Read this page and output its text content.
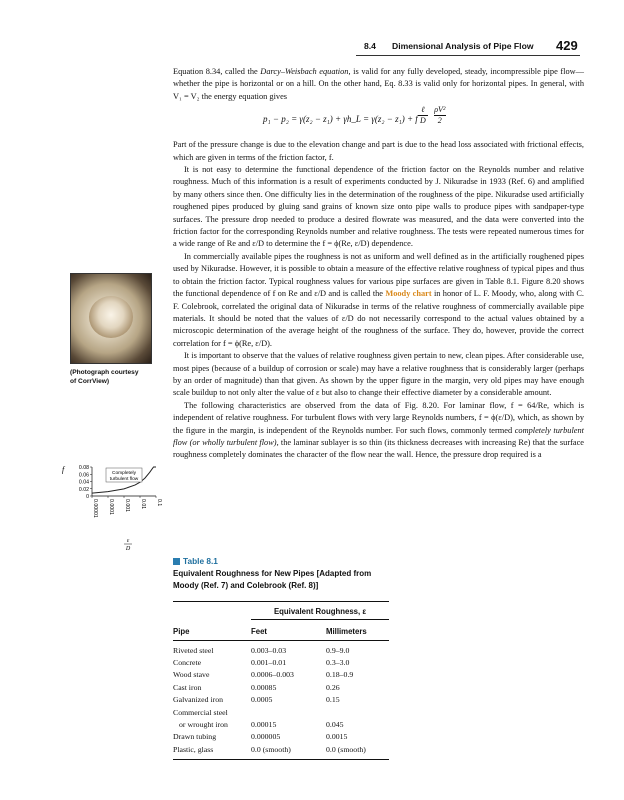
8.4 Dimensional Analysis of Pipe Flow 429

Equation 8.34, called the Darcy–Weisbach equation, is valid for any fully developed, steady, incompressible pipe flow—whether the pipe is horizontal or on a hill. On the other hand, Eq. 8.33 is valid only for horizontal pipes. In general, with V₁ = V₂ the energy equation gives

p₁ − p₂ = γ(z₂ − z₁) + γh_L = γ(z₂ − z₁) + f
ℓ
D $\frac{\text{ρV²}}{2}$

Part of the pressure change is due to the elevation change and part is due to the head loss associated with frictional effects, which are given in terms of the friction factor, f.

It is not easy to determine the functional dependence of the friction factor on the Reynolds number and relative roughness. Much of this information is a result of experiments conducted by J. Nikuradse in 1933 (Ref. 6) and amplified by many others since then. One difficulty lies in the determination of the roughness of the pipe. Nikuradse used artificially roughened pipes produced by gluing sand grains of known size onto pipe walls to produce pipes with sandpaper-type surfaces. The pressure drop needed to produce a desired flowrate was measured, and the data were converted into the friction factor for the corresponding Reynolds number and relative roughness. The tests were repeated numerous times for a wide range of Re and ε/D to determine the f = ϕ(Re, ε/D) dependence.

In commercially available pipes the roughness is not as uniform and well defined as in the artificially roughened pipes used by Nikuradse. However, it is possible to obtain a measure of the effective relative roughness of typical pipes and thus to obtain the friction factor. Typical roughness values for various pipe surfaces are given in Table 8.1. Figure 8.20 shows the functional dependence of f on Re and ε/D and is called the Moody chart in honor of L. F. Moody, who, along with C. F. Colebrook, correlated the original data of Nikuradse in terms of the relative roughness of commercially available pipe materials. It should be noted that the values of ε/D do not necessarily correspond to the actual values obtained by a microscopic determination of the average height of the roughness of the surface. They do, however, provide the correct correlation for f = ϕ(Re, ε/D).

It is important to observe that the values of relative roughness given pertain to new, clean pipes. After considerable use, most pipes (because of a buildup of corrosion or scale) may have a relative roughness that is considerably larger (perhaps by an order of magnitude) than that given. As shown by the upper figure in the margin, very old pipes may have enough scale buildup to not only alter the value of ε but also to change their effective diameter by a considerable amount.

The following characteristics are observed from the data of Fig. 8.20. For laminar flow, f = 64/Re, which is independent of relative roughness. For turbulent flows with very large Reynolds numbers, f = ϕ(ε/D), which, as shown by the figure in the margin, is independent of the Reynolds number. For such flows, commonly termed completely turbulent flow (or wholly turbulent flow), the laminar sublayer is so thin (its thickness decreases with increasing Re) that the surface roughness completely dominates the character of the flow near the wall. Hence, the pressure drop required is a

(Photograph courtesy
of CorrView)
f	0.08
0.06
0.04
0.02
0
0.00001 0.0001 0.001 0.01 0.1
Completely
turbulent flow
ε
D
Table 8.1
Equivalent Roughness for New Pipes [Adapted from Moody (Ref. 7) and Colebrook (Ref. 8)]
	Equivalent Roughness, ε	

Pipe	Feet	Millimeters
Riveted steel	0.003–0.03	0.9–9.0
Concrete	0.001–0.01	0.3–3.0
Wood stave	0.0006–0.003	0.18–0.9
Cast iron	0.00085	0.26
Galvanized iron	0.0005	0.15
Commercial steel		
or wrought iron	0.00015	0.045
Drawn tubing	0.000005	0.0015
Plastic, glass	0.0 (smooth)	0.0 (smooth)
